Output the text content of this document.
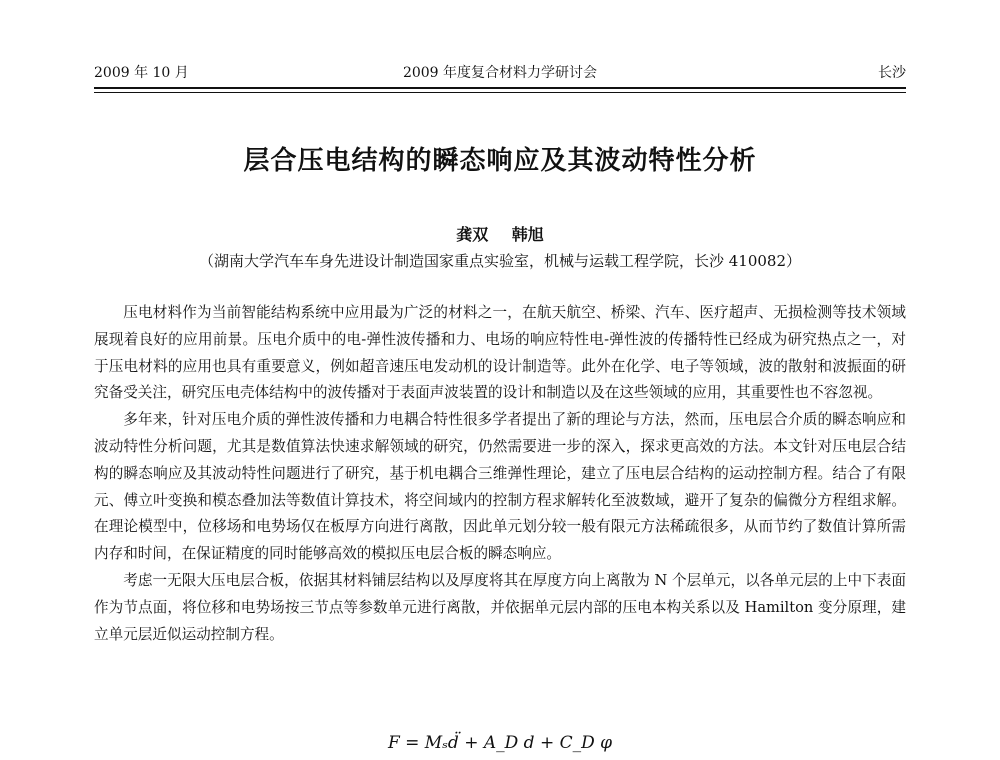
2009 年 10 月	2009 年度复合材料力学研讨会	长沙
层合压电结构的瞬态响应及其波动特性分析
龚双 韩旭
（湖南大学汽车车身先进设计制造国家重点实验室，机械与运载工程学院，长沙 410082）

压电材料作为当前智能结构系统中应用最为广泛的材料之一，在航天航空、桥梁、汽车、医疗超声、无损检测等技术领域展现着良好的应用前景。压电介质中的电-弹性波传播和力、电场的响应特性电-弹性波的传播特性已经成为研究热点之一，对于压电材料的应用也具有重要意义，例如超音速压电发动机的设计制造等。此外在化学、电子等领域，波的散射和波振面的研究备受关注，研究压电壳体结构中的波传播对于表面声波装置的设计和制造以及在这些领域的应用，其重要性也不容忽视。

多年来，针对压电介质的弹性波传播和力电耦合特性很多学者提出了新的理论与方法，然而，压电层合介质的瞬态响应和波动特性分析问题，尤其是数值算法快速求解领域的研究，仍然需要进一步的深入，探求更高效的方法。本文针对压电层合结构的瞬态响应及其波动特性问题进行了研究，基于机电耦合三维弹性理论，建立了压电层合结构的运动控制方程。结合了有限元、傅立叶变换和模态叠加法等数值计算技术，将空间域内的控制方程求解转化至波数域，避开了复杂的偏微分方程组求解。在理论模型中，位移场和电势场仅在板厚方向进行离散，因此单元划分较一般有限元方法稀疏很多，从而节约了数值计算所需内存和时间，在保证精度的同时能够高效的模拟压电层合板的瞬态响应。

考虑一无限大压电层合板，依据其材料铺层结构以及厚度将其在厚度方向上离散为 N 个层单元，以各单元层的上中下表面作为节点面，将位移和电势场按三节点等参数单元进行离散，并依据单元层内部的压电本构关系以及 Hamilton 变分原理，建立单元层近似运动控制方程。

F = Mₛd̈ + A_D d + C_D φ
